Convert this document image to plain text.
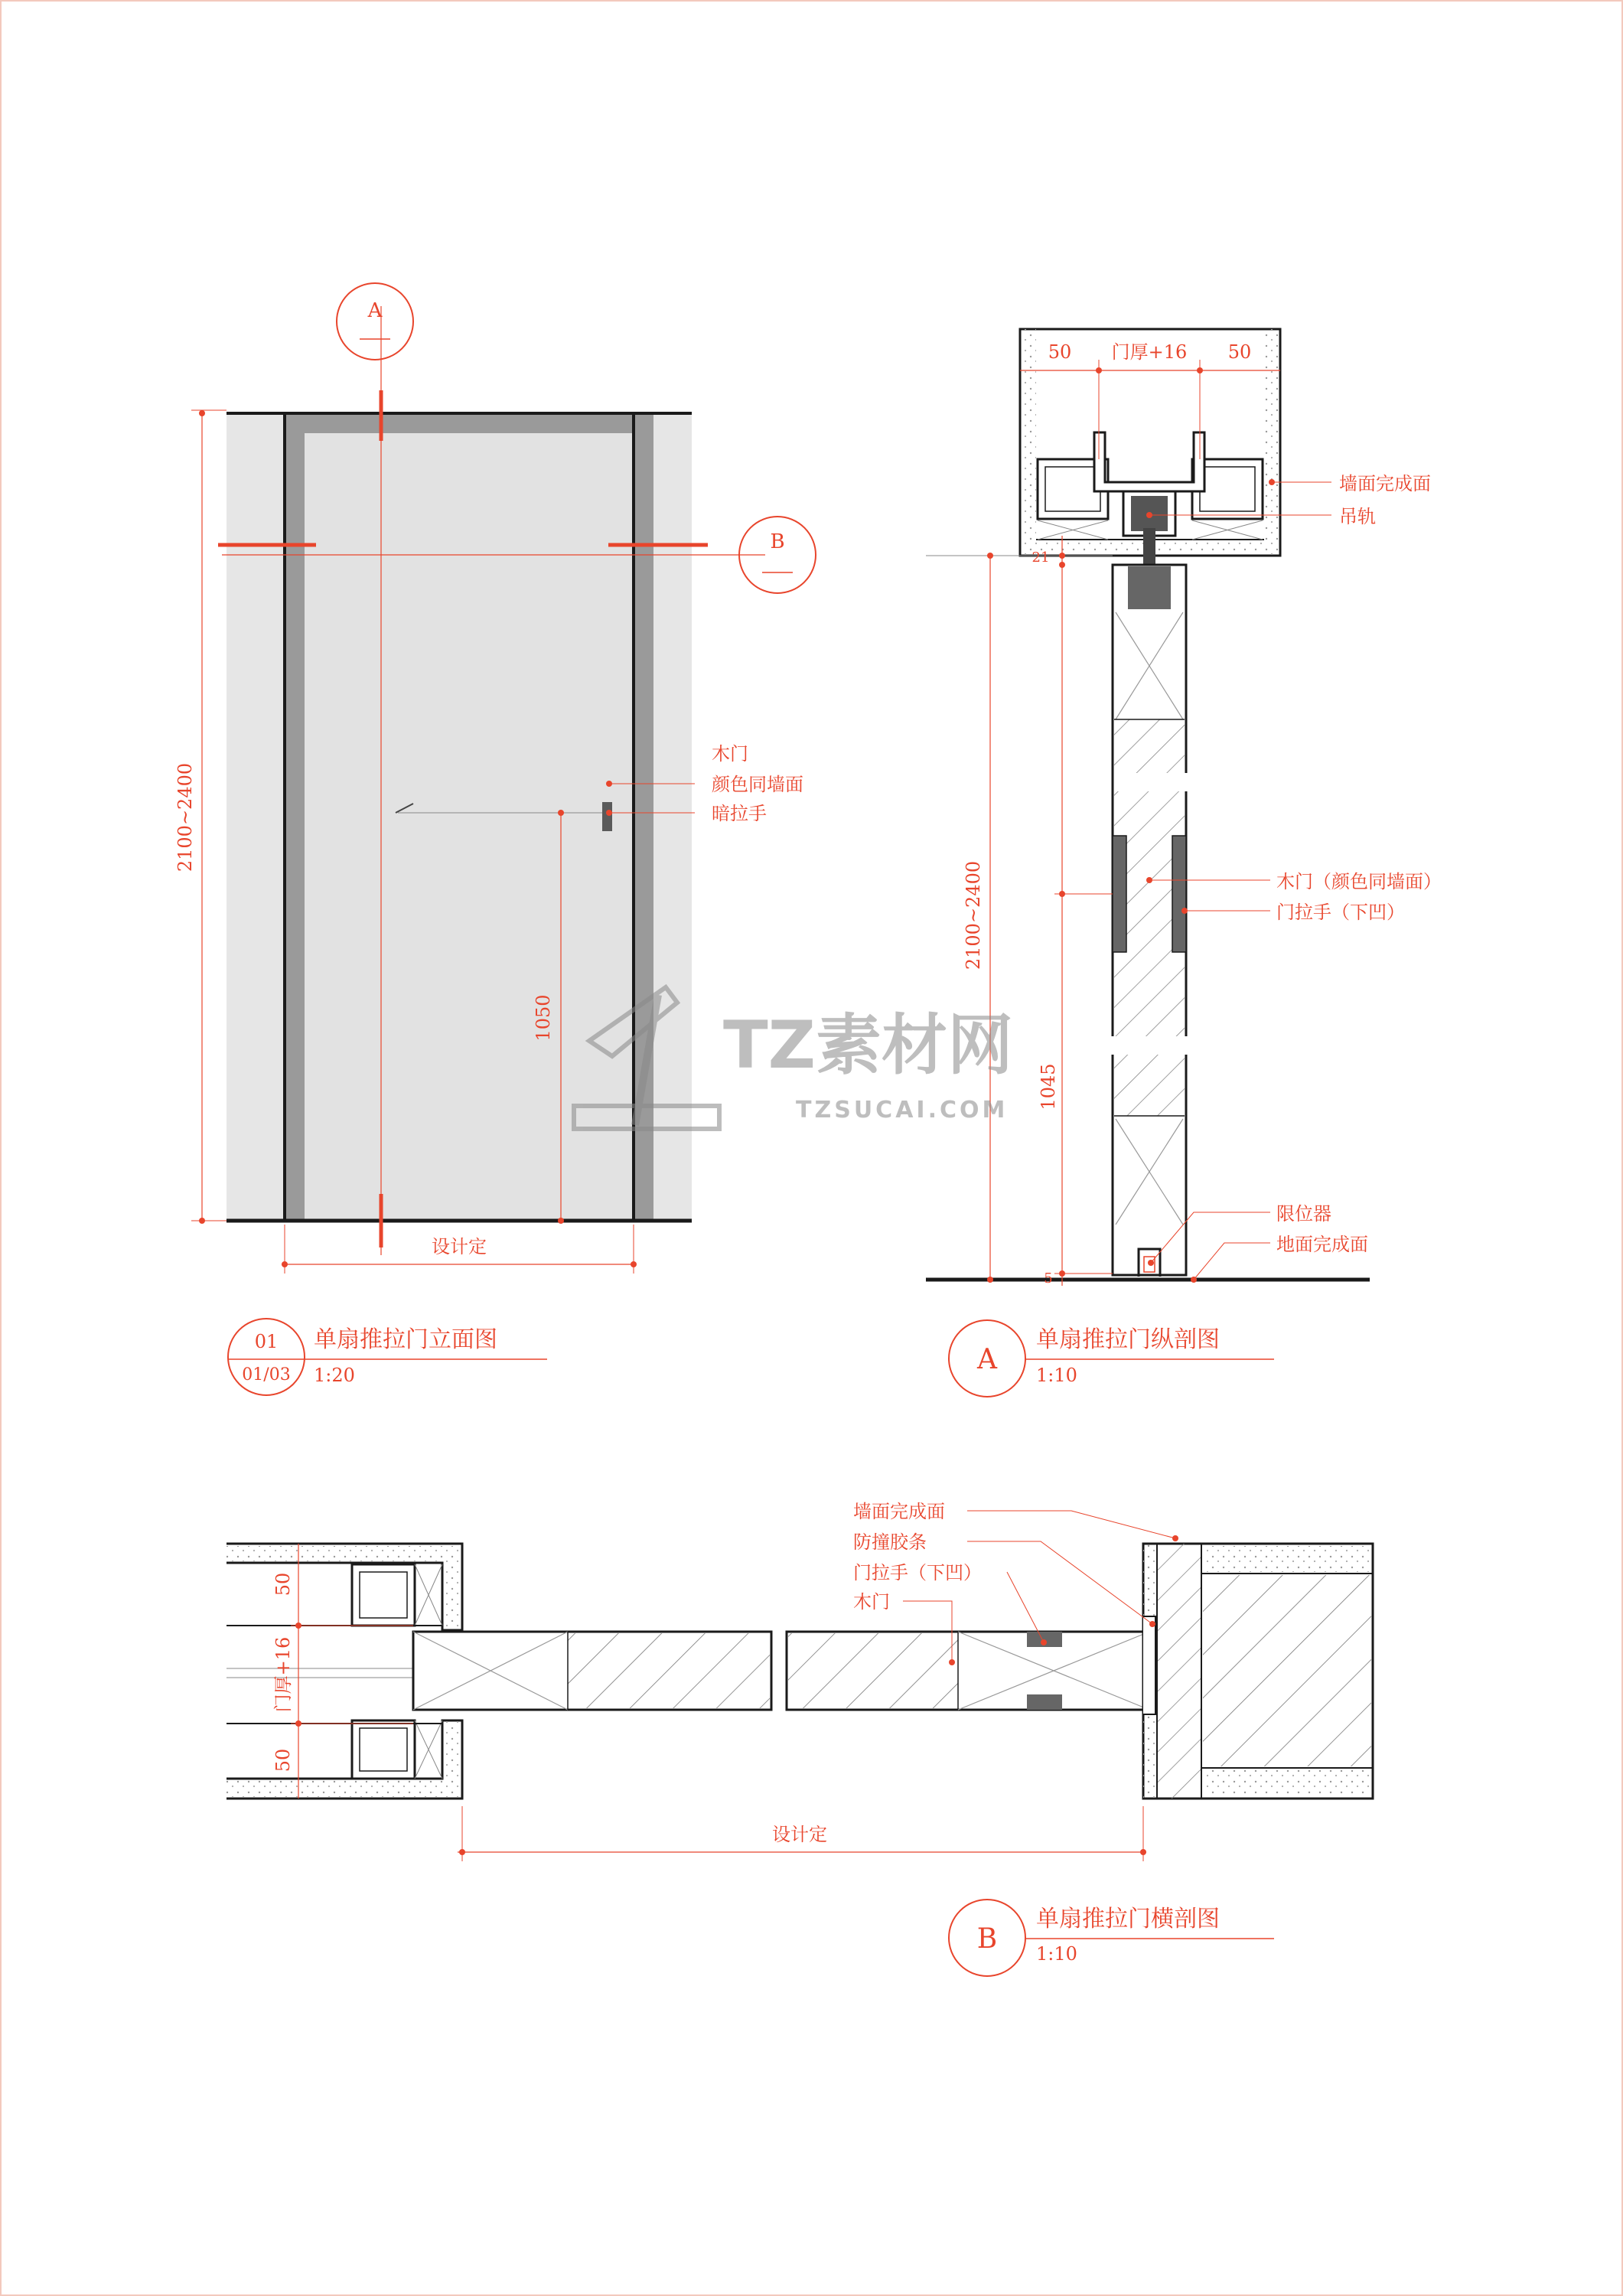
A
B
2100~2400
1050
设计定
木门
颜色同墙面
暗拉手
01
01/03
单扇推拉门立面图
1:20
50 门厚+16 50
2100~2400
21
5
1045
墙面完成面
吊轨
木门（颜色同墙面）
门拉手（下凹）
限位器
地面完成面
A
单扇推拉门纵剖图
1:10
50
门厚+16
50
设计定
墙面完成面
防撞胶条
门拉手（下凹）
木门
B
单扇推拉门横剖图
1:10
TZ素材网
TZSUCAI.COM
